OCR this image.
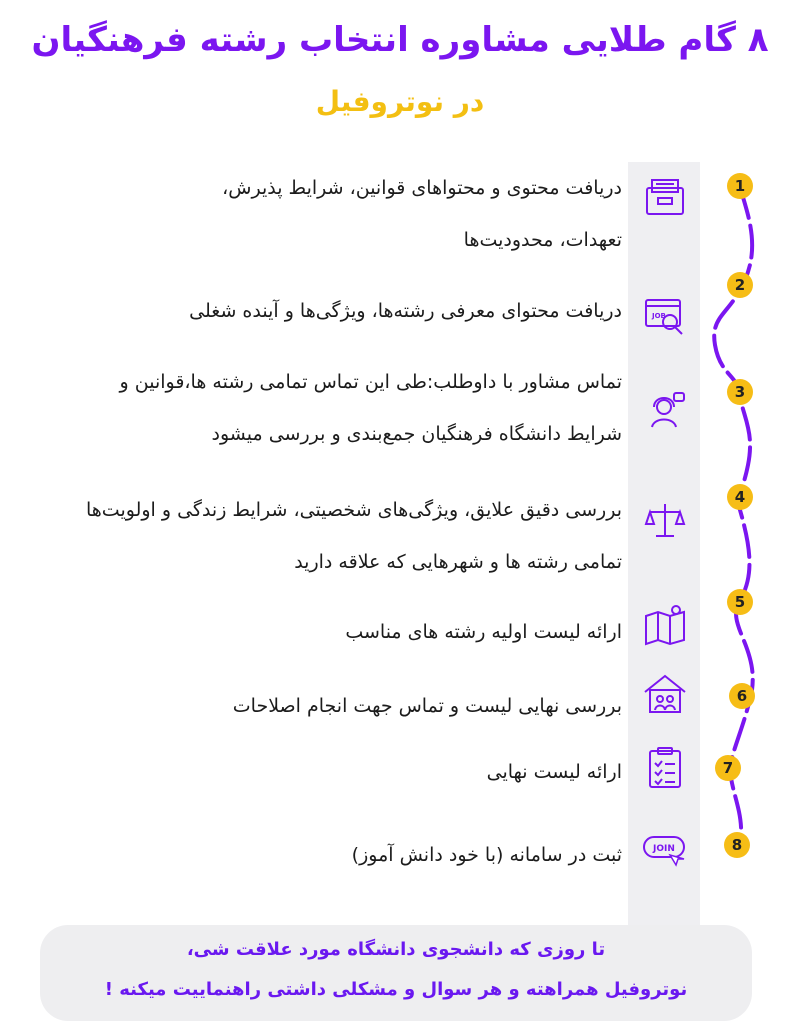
۸ گام طلایی مشاوره انتخاب رشته فرهنگیان
در نوتروفیل
JOB
JOIN
دریافت محتوی و محتواهای قوانین، شرایط پذیرش،
تعهدات، محدودیت‌ها
دریافت محتوای معرفی رشته‌ها، ویژگی‌ها و آینده شغلی
تماس مشاور با داوطلب:طی این تماس تمامی رشته ها،قوانین و
شرایط دانشگاه فرهنگیان جمع‌بندی و بررسی میشود
بررسی دقیق علایق، ویژگی‌های شخصیتی، شرایط زندگی و اولویت‌ها
تمامی رشته ها و شهرهایی که علاقه دارید
ارائه لیست اولیه رشته های مناسب
بررسی نهایی لیست و تماس جهت انجام اصلاحات
ارائه لیست نهایی
ثبت در سامانه (با خود دانش آموز)
1
2
3
4
5
6
7
8
تا روزی که دانشجوی دانشگاه مورد علاقت شی،
نوتروفیل همراهته و هر سوال و مشکلی داشتی راهنماییت میکنه !
